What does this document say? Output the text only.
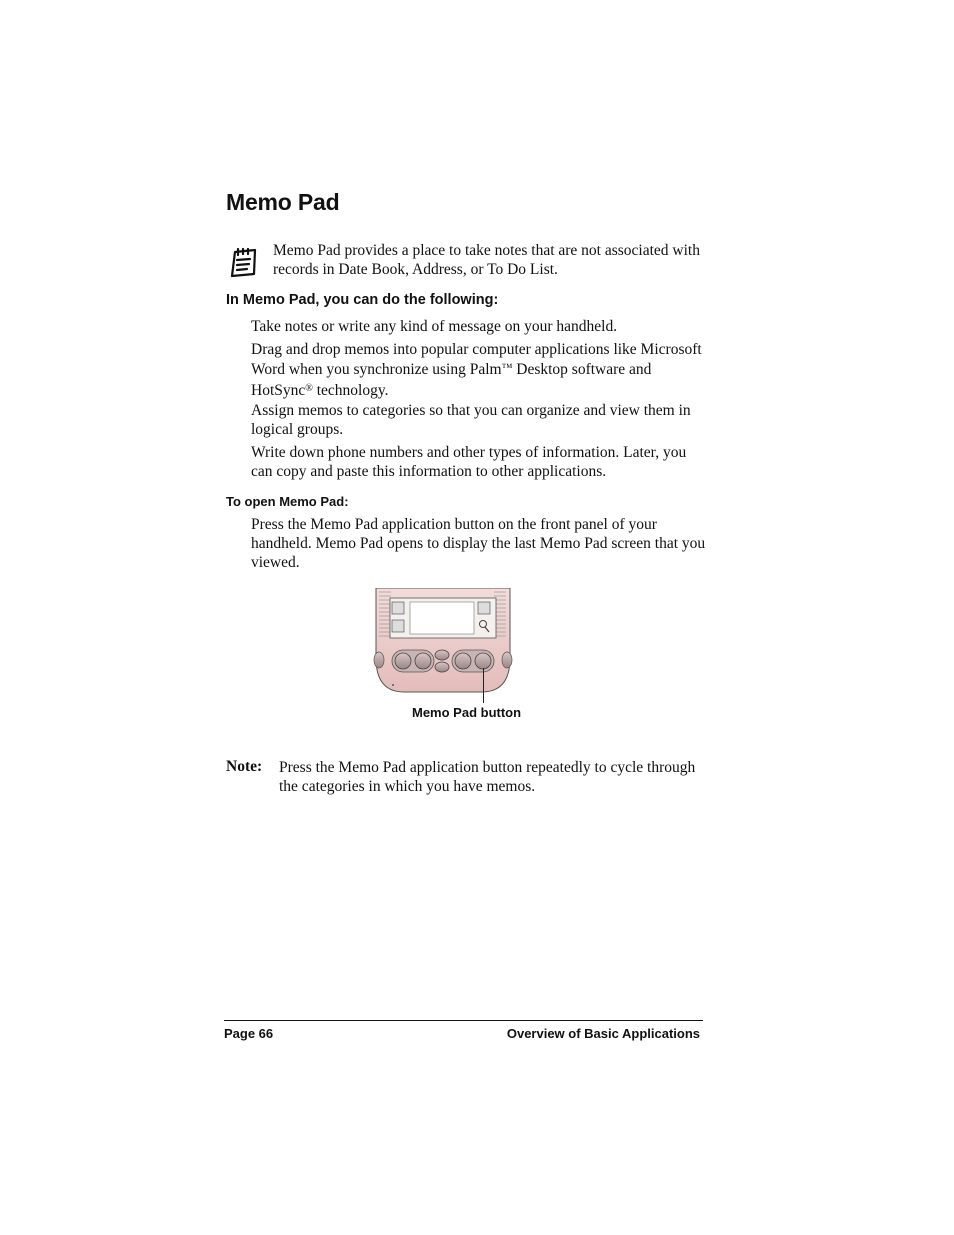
Memo Pad
Memo Pad provides a place to take notes that are not associated with records in Date Book, Address, or To Do List.
In Memo Pad, you can do the following:
Take notes or write any kind of message on your handheld.
Drag and drop memos into popular computer applications like Microsoft Word when you synchronize using Palm™ Desktop software and HotSync® technology.
Assign memos to categories so that you can organize and view them in logical groups.
Write down phone numbers and other types of information. Later, you can copy and paste this information to other applications.
To open Memo Pad:
Press the Memo Pad application button on the front panel of your handheld. Memo Pad opens to display the last Memo Pad screen that you viewed.
Memo Pad button
Note: Press the Memo Pad application button repeatedly to cycle through the categories in which you have memos.
Page 66	Overview of Basic Applications
